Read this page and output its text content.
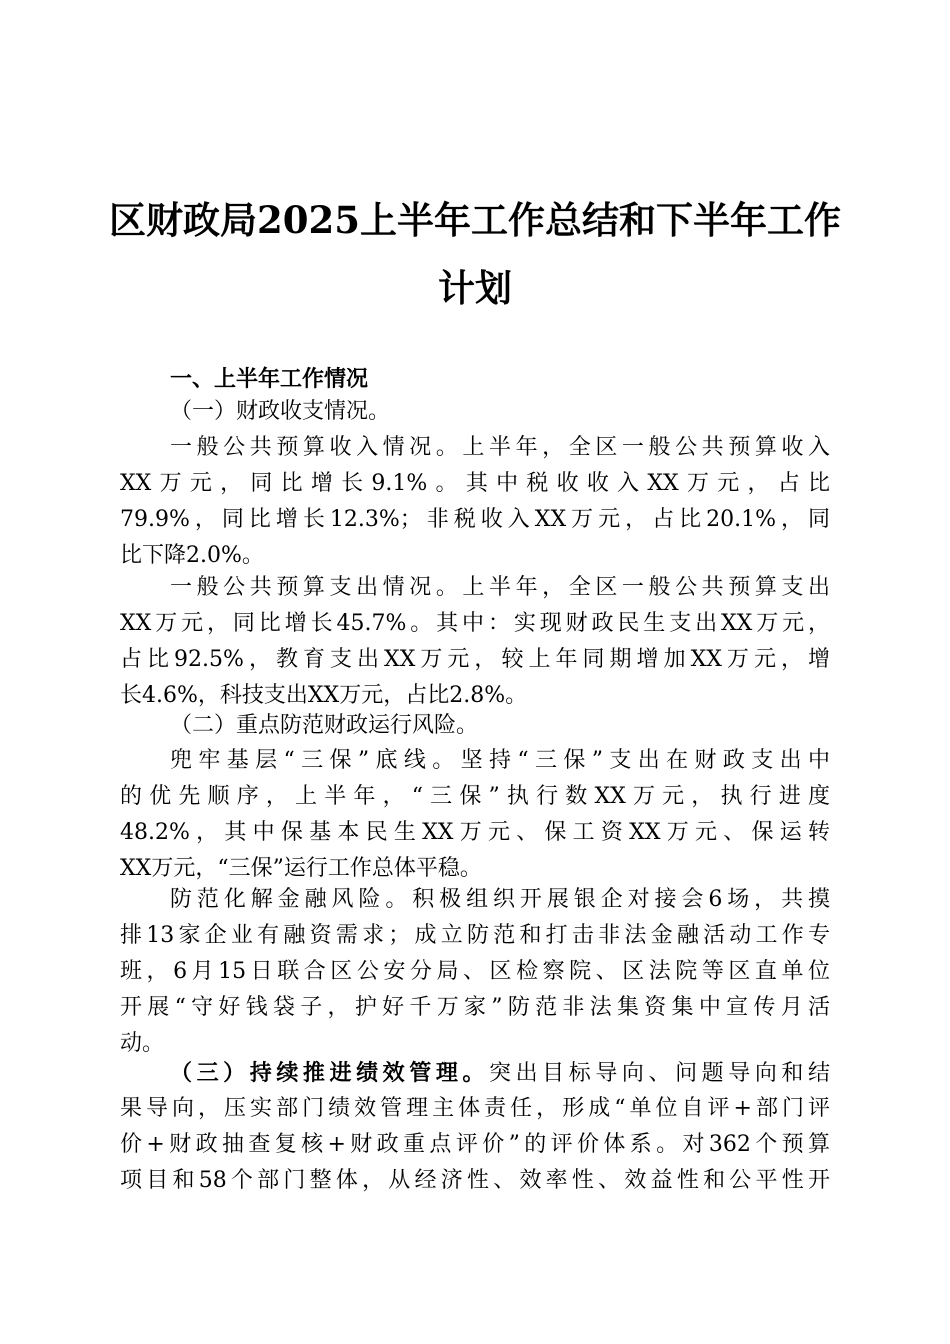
区财政局2025上半年工作总结和下半年工作
计划
一、上半年工作情况
（一）财政收支情况。
一般公共预算收入情况。上半年，全区一般公共预算收入
XX万元，同比增长9.1%。其中税收收入XX万元，占比
79.9%，同比增长12.3%；非税收入XX万元，占比20.1%，同
比下降2.0%。
一般公共预算支出情况。上半年，全区一般公共预算支出
XX万元，同比增长45.7%。其中：实现财政民生支出XX万元，
占比92.5%，教育支出XX万元，较上年同期增加XX万元，增
长4.6%，科技支出XX万元，占比2.8%。
（二）重点防范财政运行风险。
兜牢基层“三保”底线。坚持“三保”支出在财政支出中
的优先顺序，上半年，“三保”执行数XX万元，执行进度
48.2%，其中保基本民生XX万元、保工资XX万元、保运转
XX万元，“三保”运行工作总体平稳。
防范化解金融风险。积极组织开展银企对接会6场，共摸
排13家企业有融资需求；成立防范和打击非法金融活动工作专
班，6月15日联合区公安分局、区检察院、区法院等区直单位
开展“守好钱袋子，护好千万家”防范非法集资集中宣传月活
动。
（三）持续推进绩效管理。突出目标导向、问题导向和结
果导向，压实部门绩效管理主体责任，形成“单位自评+部门评
价+财政抽查复核+财政重点评价”的评价体系。对362个预算
项目和58个部门整体，从经济性、效率性、效益性和公平性开
